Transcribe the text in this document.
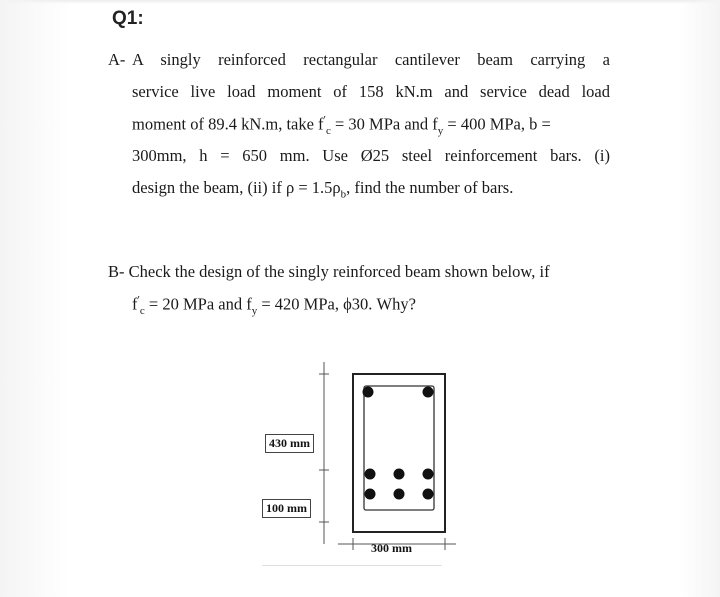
Q1:
A- A singly reinforced rectangular cantilever beam carrying a
service live load moment of 158 kN.m and service dead load
moment of 89.4 kN.m, take $f'_c = 30$ MPa and $f_y = 400$ MPa, b =
300mm, h = 650 mm. Use Ø25 steel reinforcement bars. (i)
design the beam, (ii) if $\rho = 1.5\rho_b$, find the number of bars.
B- Check the design of the singly reinforced beam shown below, if
$f'_c = 20$ MPa and $f_y = 420$ MPa, ϕ30. Why?
430 mm
100 mm
300 mm
